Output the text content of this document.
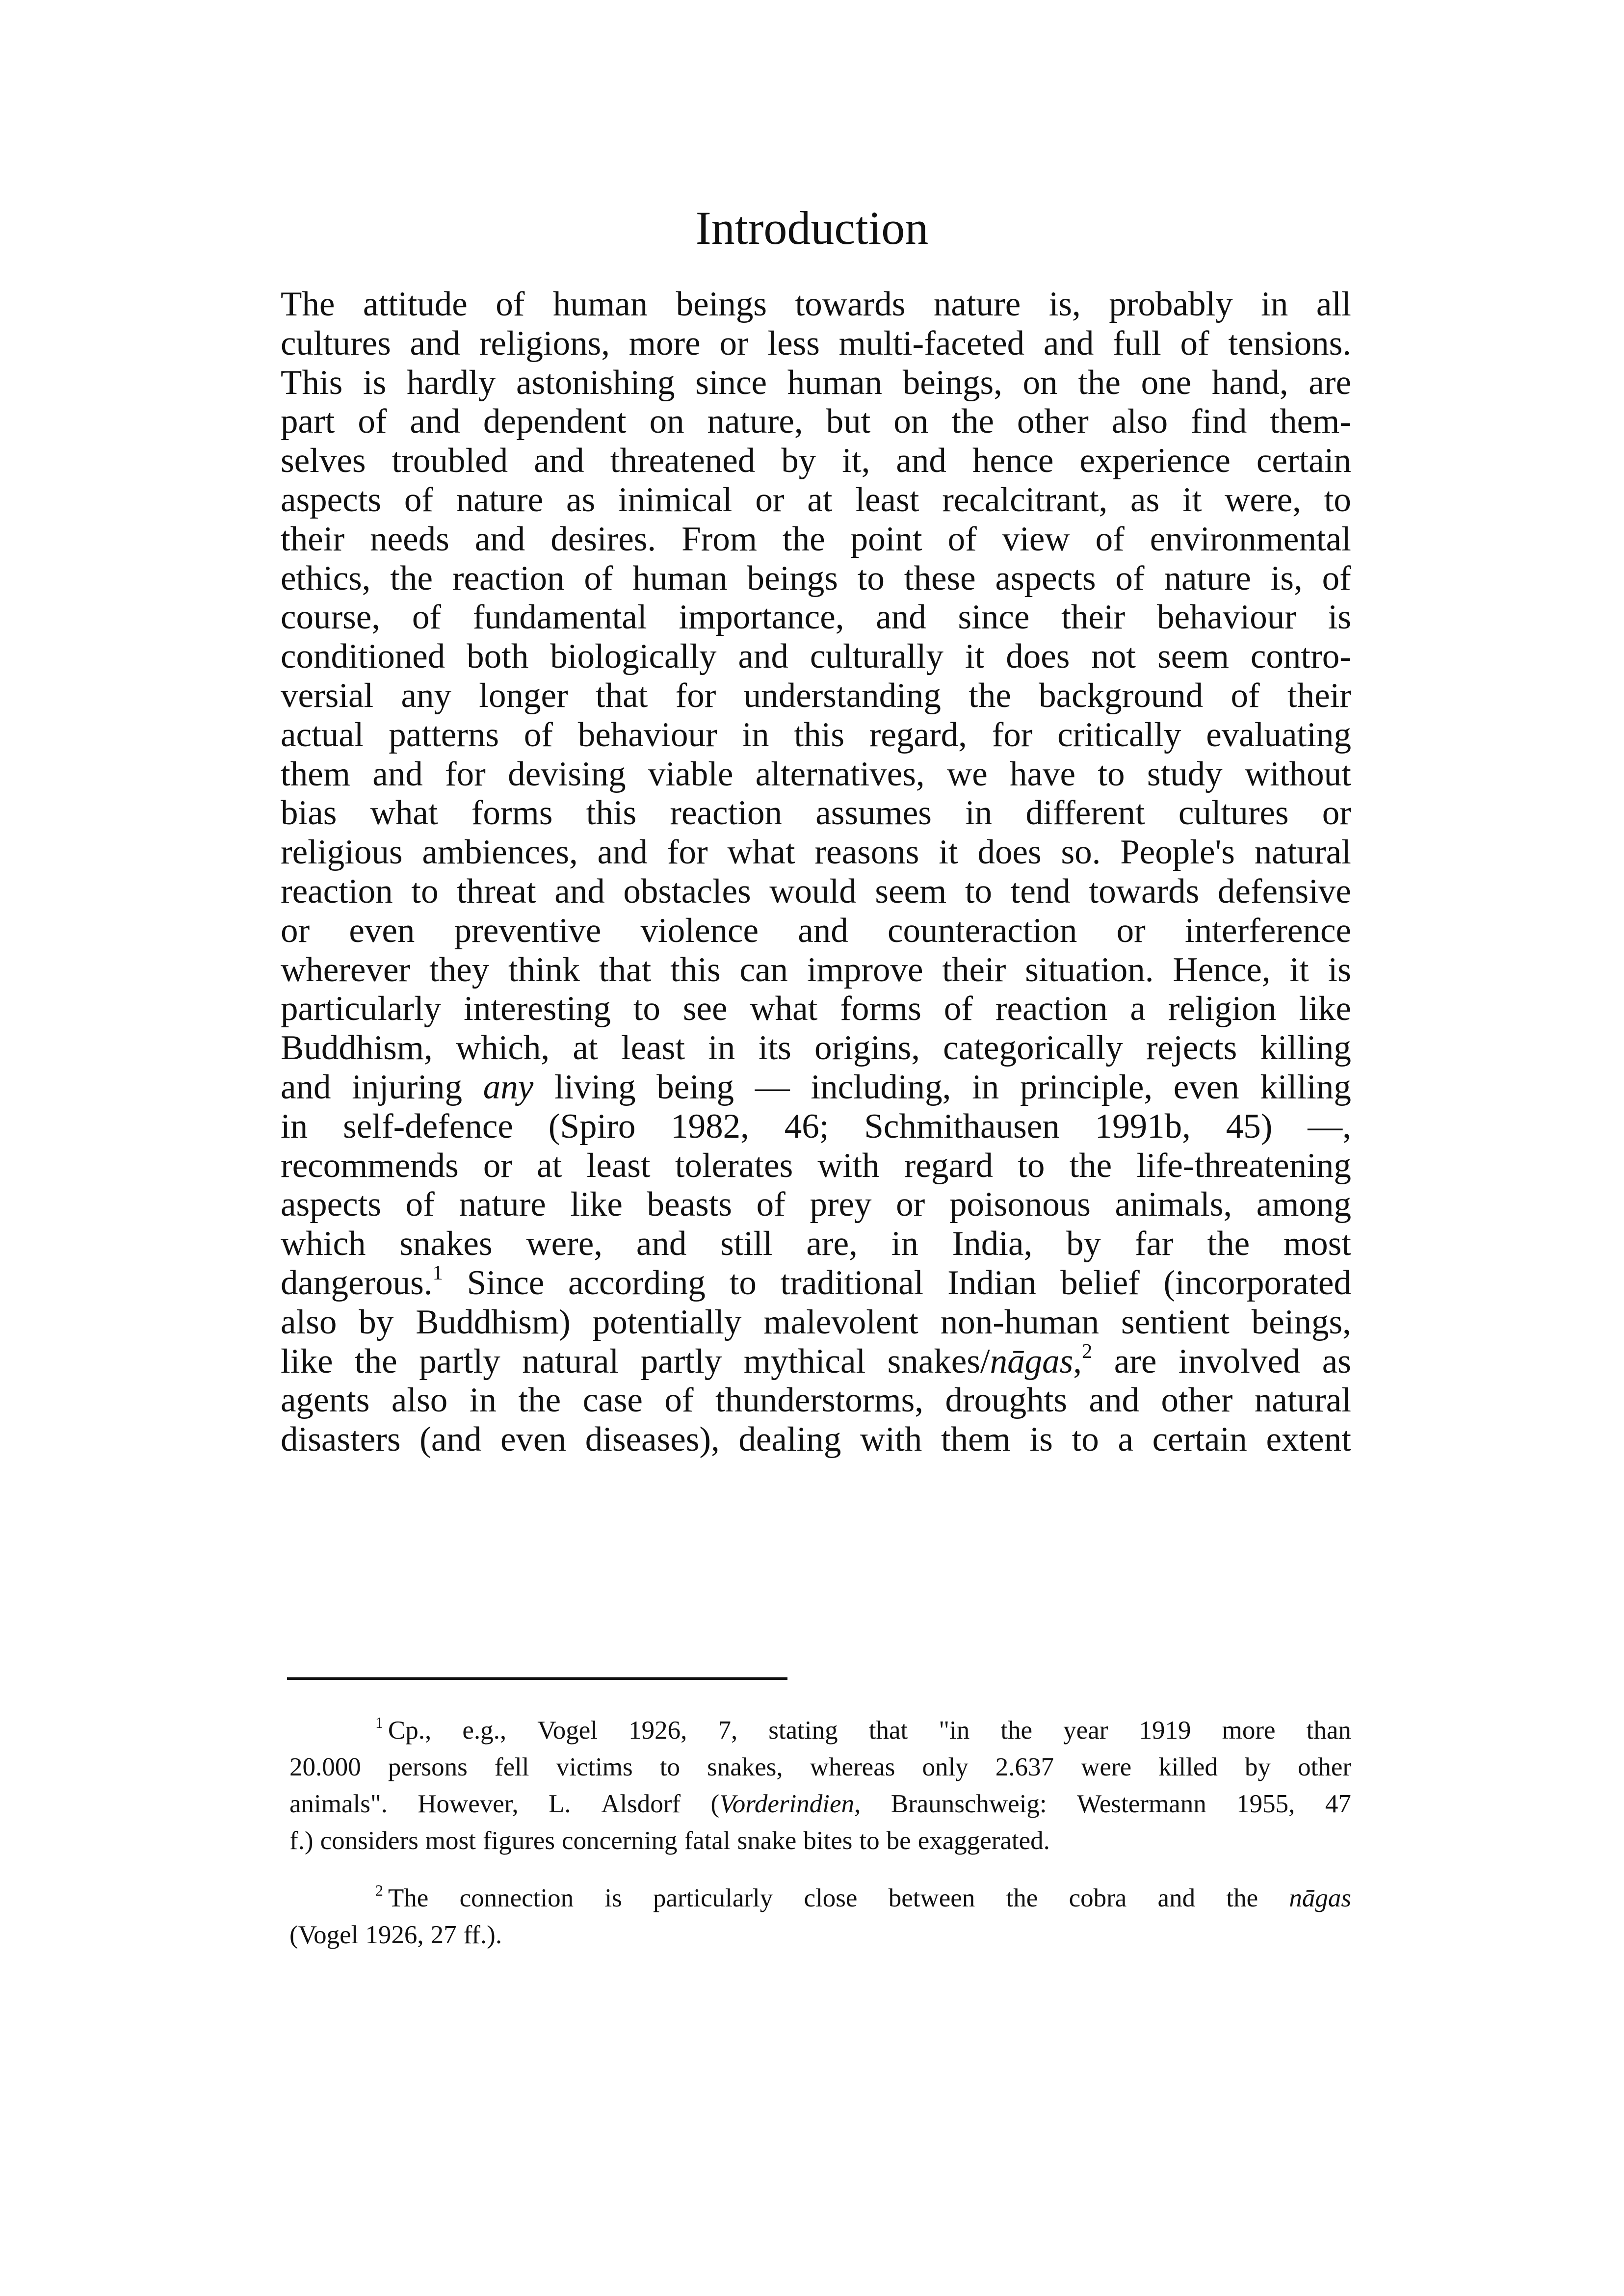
Introduction
The attitude of human beings towards nature is, probably in all
cultures and religions, more or less multi-faceted and full of tensions.
This is hardly astonishing since human beings, on the one hand, are
part of and dependent on nature, but on the other also find them-
selves troubled and threatened by it, and hence experience certain
aspects of nature as inimical or at least recalcitrant, as it were, to
their needs and desires. From the point of view of environmental
ethics, the reaction of human beings to these aspects of nature is, of
course, of fundamental importance, and since their behaviour is
conditioned both biologically and culturally it does not seem contro-
versial any longer that for understanding the background of their
actual patterns of behaviour in this regard, for critically evaluating
them and for devising viable alternatives, we have to study without
bias what forms this reaction assumes in different cultures or
religious ambiences, and for what reasons it does so. People's natural
reaction to threat and obstacles would seem to tend towards defensive
or even preventive violence and counteraction or interference
wherever they think that this can improve their situation. Hence, it is
particularly interesting to see what forms of reaction a religion like
Buddhism, which, at least in its origins, categorically rejects killing
and injuring any living being — including, in principle, even killing
in self-defence (Spiro 1982, 46; Schmithausen 1991b, 45) —,
recommends or at least tolerates with regard to the life-threatening
aspects of nature like beasts of prey or poisonous animals, among
which snakes were, and still are, in India, by far the most
dangerous.$^1$ Since according to traditional Indian belief (incorporated
also by Buddhism) potentially malevolent non-human sentient beings,
like the partly natural partly mythical snakes/nāgas,$^2$ are involved as
agents also in the case of thunderstorms, droughts and other natural
disasters (and even diseases), dealing with them is to a certain extent
$^1$ Cp., e.g., Vogel 1926, 7, stating that "in the year 1919 more than
20.000 persons fell victims to snakes, whereas only 2.637 were killed by other
animals". However, L. Alsdorf (Vorderindien, Braunschweig: Westermann 1955, 47
f.) considers most figures concerning fatal snake bites to be exaggerated.
$^2$ The connection is particularly close between the cobra and the nāgas
(Vogel 1926, 27 ff.).
